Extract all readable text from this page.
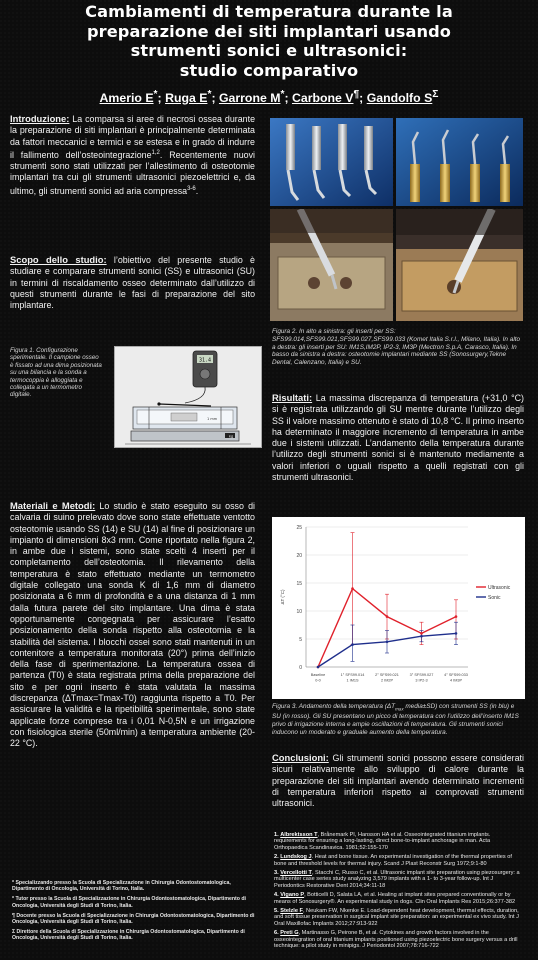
Cambiamenti di temperatura durante la
preparazione dei siti implantari usando
strumenti sonici e ultrasonici:
studio comparativo
Amerio E*; Ruga E*; Garrone M*; Carbone V¶; Gandolfo $S^\Sigma$

Introduzione: La comparsa si aree di necrosi ossea durante la preparazione di siti implantari è principalmente determinata da fattori meccanici e termici e se estesa e in grado di indurre il fallimento dell’osteointegrazione$^{1,2}$. Recentemente nuovi strumenti sono stati utilizzati per l’allestimento di osteotomie implantari tra cui gli strumenti ultrasonici piezoelettrici e, da ultimo, gli strumenti sonici ad aria compressa$^{3-6}$.

Scopo dello studio: l’obiettivo del presente studio è studiare e comparare strumenti sonici (SS) e ultrasonici (SU) in termini di riscaldamento osseo determinato dall’utilizzo di questi strumenti durante le fasi di preparazione del sito implantare.

Figura 1. Configurazione sperimentale. Il campione osseo è fissato ad una dima posizionata su una bilancia e la sonda a termocoppia è alloggiata e collegata a un termometro digitale.

31.4
1 mm
kg

Materiali e Metodi: Lo studio è stato eseguito su osso di calvaria di suino prelevato dove sono state effettuate ventotto osteotomie usando SS (14) e SU (14) al fine di posizionare un impianto di dimensioni 8x3 mm. Come riportato nella figura 2, in ambe due i sistemi, sono state scelti 4 inserti per il completamento dell’osteotomia. Il rilevamento della temperatura è stato effettuato mediante un termometro digitale collegato una sonda K di 1,6 mm di diametro posizionata a 6 mm di profondità e a una distanza di 1 mm dalla futura parete del sito implantare. Una dima è stata opportunamente congegnata per assicurare l’esatto posizionamento della sonda rispetto alla osteotomia e la stabilità del sistema. I blocchi ossei sono stati mantenuti in un contenitore a temperatura monitorata (20°) prima dell’inizio della fase di sperimentazione. La temperatura ossea di partenza (T0) è stata registrata prima della preparazione del sito e per ogni inserto è stata valutata la massima discrepanza (ΔTmax=Tmax-T0) raggiunta rispetto a T0. Per assicurare la validità e la ripetibilità sperimentale, sono state applicate forze comprese tra i 0,01 N-0,5N e un irrigazione con fisiologica sterile (50ml/min) a temperatura ambiente (20-22 °C).

* Specializzando presso la Scuola di Specializzazione in Chirurgia Odontostomatologica, Dipartimento di Oncologia, Università di Torino, Italia.

* Tutor presso la Scuola di Specializzazione in Chirurgia Odontostomatologica, Dipartimento di Oncologia, Università degli Studi di Torino, Italia.

¶ Docente presso la Scuola di Specializzazione in Chirurgia Odontostomatologica, Dipartimento di Oncologia, Università degli Studi di Torino, Italia.

Σ Direttore della Scuola di Specializzazione in Chirurgia Odontostomatologica, Dipartimento di Oncologia, Università degli Studi di Torino, Italia.

Figura 2. In alto a sinistra: gli inserti per SS: SFS99.014,SFS99.021,SFS99.027,SFS99.033 (Komet Italia S.r.l., Milano, Italia). In alto a destra: gli inserti per SU: IM1S,IM2P, IP2-3, IM3P (Mectron S.p.A, Carasco, Italia). In basso da sinistra a destra: osteotomie implantari mediante SS (Sonosurgery,Tekne Dental, Calenzano, Italia) e SU.

Risultati: La massima discrepanza di temperatura (+31,0 °C) si è registrata utilizzando gli SU mentre durante l’utilizzo degli SS il valore massimo ottenuto è stato di 10,8 °C. Il primo inserto ha determinato il maggiore incremento di temperatura in ambe due i sistemi utilizzati. L’andamento della temperatura durante l’utilizzo degli strumenti sonici si è mantenuto mediamente a valori inferiori o uguali rispetto a quelli registrati con gli strumenti ultrasonici.

0
5
10
15
20
25
ΔT (°C)
Baseline
0-0
1° SFS99.014
1 IM1S
2° SFS99.021
2 IM2P
3° SFS99.027
3 IP2-3
4° SFS99.033
4 IM3P
Ultrasonic
Sonic

Figura 3. Andamento della temperatura ($\Delta T_{max}$ media±SD) con strumenti SS (in blu) e SU (in rosso). Gli SU presentano un picco di temperatura con l’utilizzo dell’inserto IM1S privo di irrigazione interna e ampie oscillazioni di temperatura. Gli strumenti sonici inducono un moderato e graduale aumento della temperatura.

Conclusioni: Gli strumenti sonici possono essere considerati sicuri relativamente allo sviluppo di calore durante la preparazione dei siti implantari avendo determinato incrementi di temperatura inferiori rispetto ai comprovati strumenti ultrasonici.

1. Albrektsson T, Brånemark PI, Hansson HA et al. Osseointegrated titanium implants. requirements for ensuring a long-lasting, direct bone-to-implant anchorage in man. Acta Orthopaedica Scandinavica. 1981;52:155-170

2. Lundskog J. Heat and bone tissue. An experimental investigation of the thermal properties of bone and threshold levels for thermal injury. Scand J Plast Reconstr Surg 1972;9:1-80

3. Vercellotti T, Stacchi C, Russo C, et al. Ultrasonic implant site preparation using piezosurgery: a multicenter case series study analyzing 3,579 implants with a 1- to 3-year follow-up. Int J Periodontics Restorative Dent 2014;34:11-18

4. Vigano P, Botticelli D, Salata LA, et al. Healing at implant sites prepared conventionally or by means of Sonosurgery®. An experimental study in dogs. Clin Oral Implants Res 2015;26:377-382

5. Stelzle F, Neukam FW, Nkenke E. Load-dependent heat development, thermal effects, duration, and soft tissue preservation in surgical implant site preparation: an experimental ex vivo study. Int J Oral Maxillofac Implants 2012;27:913-922

6. Preti G, Martinasso G, Peirone B, et al. Cytokines and growth factors involved in the osseointegration of oral titanium implants positioned using piezoelectric bone surgery versus a drill technique: a pilot study in minipigs. J Periodontol 2007;78:716-722
